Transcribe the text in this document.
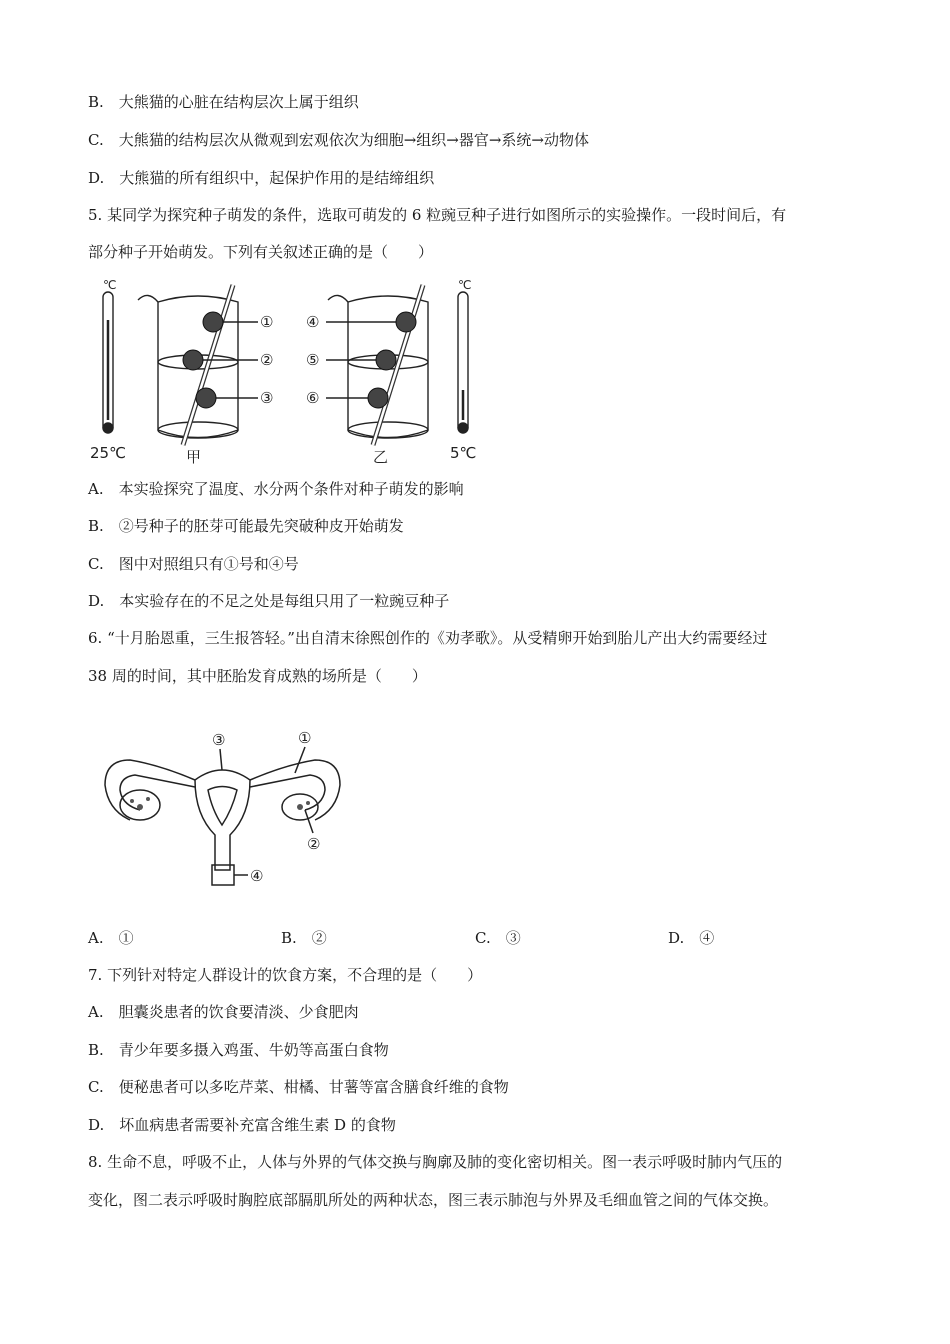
B.　大熊猫的心脏在结构层次上属于组织
C.　大熊猫的结构层次从微观到宏观依次为细胞→组织→器官→系统→动物体
D.　大熊猫的所有组织中，起保护作用的是结缔组织
5. 某同学为探究种子萌发的条件，选取可萌发的 6 粒豌豆种子进行如图所示的实验操作。一段时间后，有
部分种子开始萌发。下列有关叙述正确的是（　　）
℃	℃
①
②
③
④
⑤
⑥
25℃	甲	乙	5℃
A.　本实验探究了温度、水分两个条件对种子萌发的影响
B.　②号种子的胚芽可能最先突破种皮开始萌发
C.　图中对照组只有①号和④号
D.　本实验存在的不足之处是每组只用了一粒豌豆种子
6. “十月胎恩重，三生报答轻。”出自清末徐熙创作的《劝孝歌》。从受精卵开始到胎儿产出大约需要经过
38 周的时间，其中胚胎发育成熟的场所是（　　）
③	①
②
④
A.　①	B.　②	C.　③	D.　④
7. 下列针对特定人群设计的饮食方案，不合理的是（　　）
A.　胆囊炎患者的饮食要清淡、少食肥肉
B.　青少年要多摄入鸡蛋、牛奶等高蛋白食物
C.　便秘患者可以多吃芹菜、柑橘、甘薯等富含膳食纤维的食物
D.　坏血病患者需要补充富含维生素 D 的食物
8. 生命不息，呼吸不止，人体与外界的气体交换与胸廓及肺的变化密切相关。图一表示呼吸时肺内气压的
变化，图二表示呼吸时胸腔底部膈肌所处的两种状态，图三表示肺泡与外界及毛细血管之间的气体交换。
